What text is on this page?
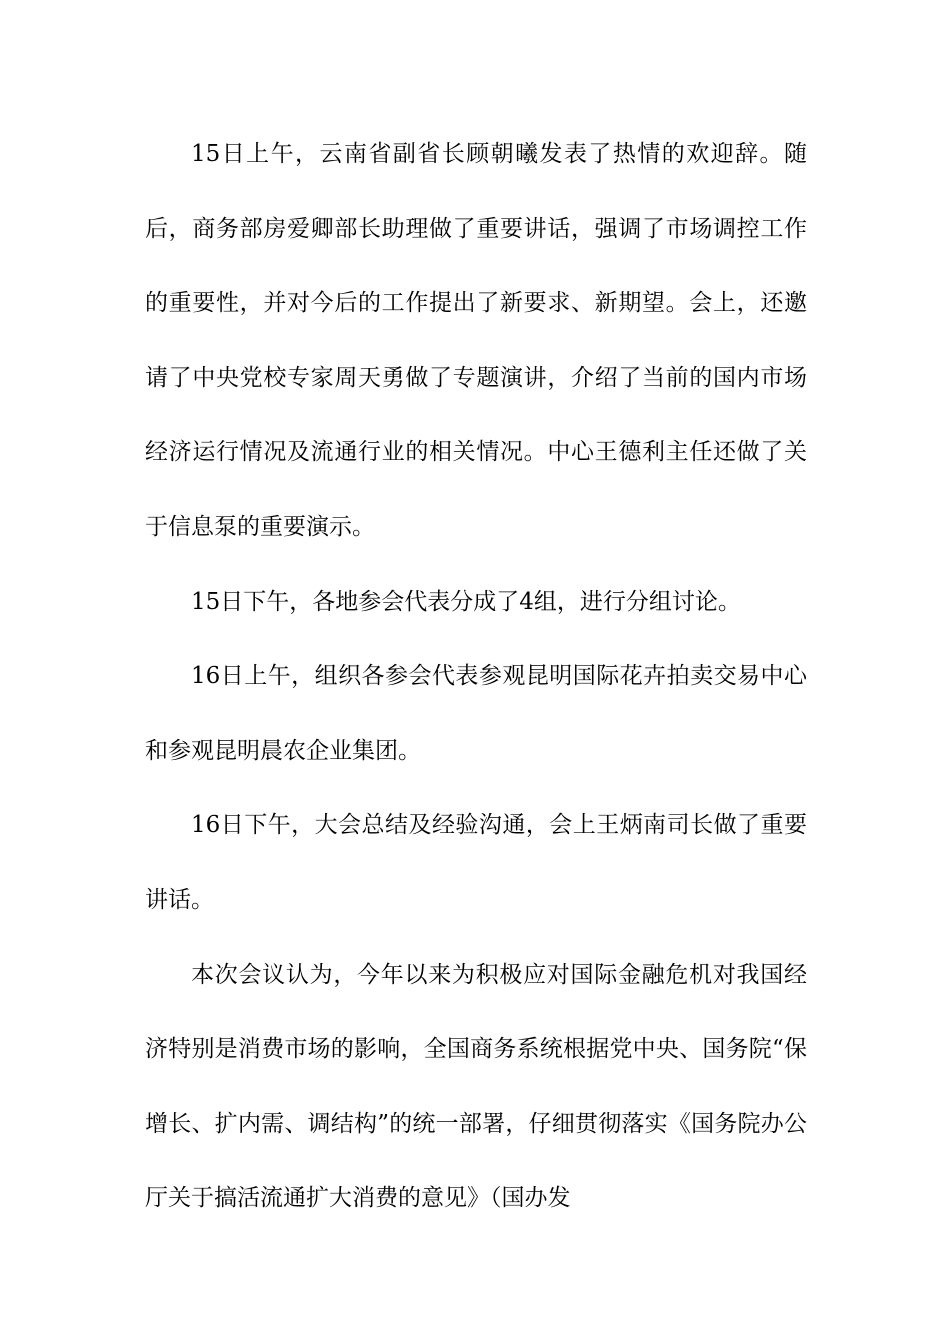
15日上午，云南省副省长顾朝曦发表了热情的欢迎辞。随后，商务部房爱卿部长助理做了重要讲话，强调了市场调控工作的重要性，并对今后的工作提出了新要求、新期望。会上，还邀请了中央党校专家周天勇做了专题演讲，介绍了当前的国内市场经济运行情况及流通行业的相关情况。中心王德利主任还做了关于信息泵的重要演示。

15日下午，各地参会代表分成了4组，进行分组讨论。

16日上午，组织各参会代表参观昆明国际花卉拍卖交易中心和参观昆明晨农企业集团。

16日下午，大会总结及经验沟通，会上王炳南司长做了重要讲话。

本次会议认为，今年以来为积极应对国际金融危机对我国经济特别是消费市场的影响，全国商务系统根据党中央、国务院“保增长、扩内需、调结构”的统一部署，仔细贯彻落实《国务院办公厅关于搞活流通扩大消费的意见》（国办发
